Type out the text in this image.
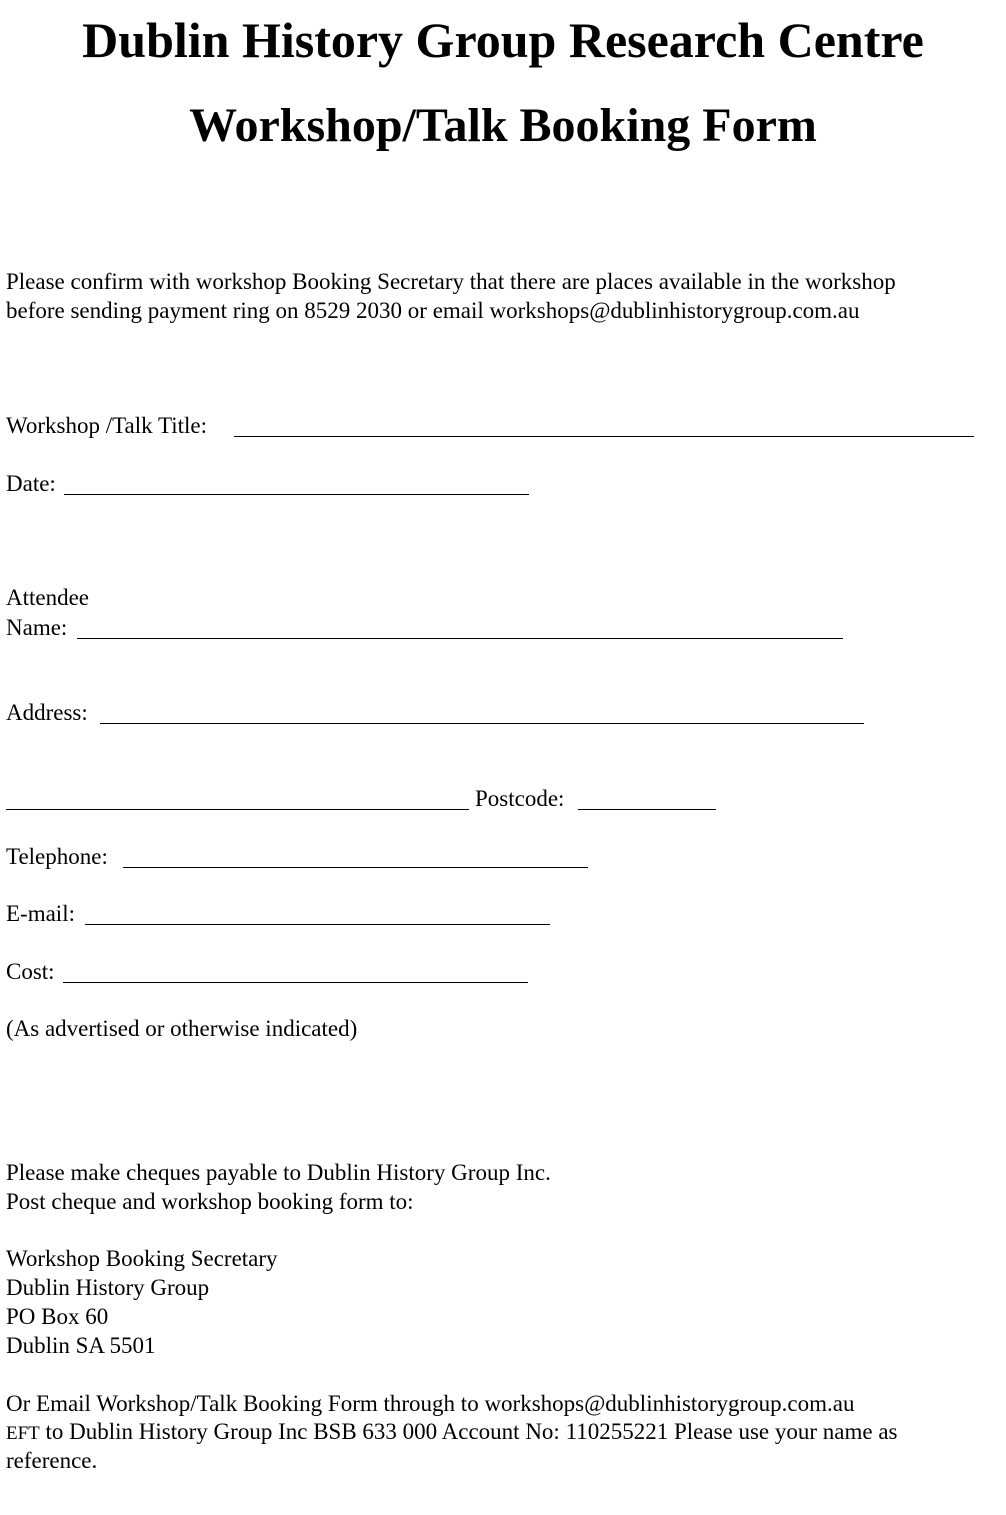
Dublin History Group Research Centre
Workshop/Talk Booking Form

Please confirm with workshop Booking Secretary that there are places available in the workshop

before sending payment ring on 8529 2030 or email workshops@dublinhistorygroup.com.au

Workshop /Talk Title:
Date:
Attendee
Name:
Address:
Postcode:
Telephone:
E-mail:
Cost:

(As advertised or otherwise indicated)

Please make cheques payable to Dublin History Group Inc.

Post cheque and workshop booking form to:

Workshop Booking Secretary

Dublin History Group

PO Box 60

Dublin SA 5501

Or Email Workshop/Talk Booking Form through to workshops@dublinhistorygroup.com.au

EFT to Dublin History Group Inc BSB 633 000 Account No: 110255221 Please use your name as

reference.
